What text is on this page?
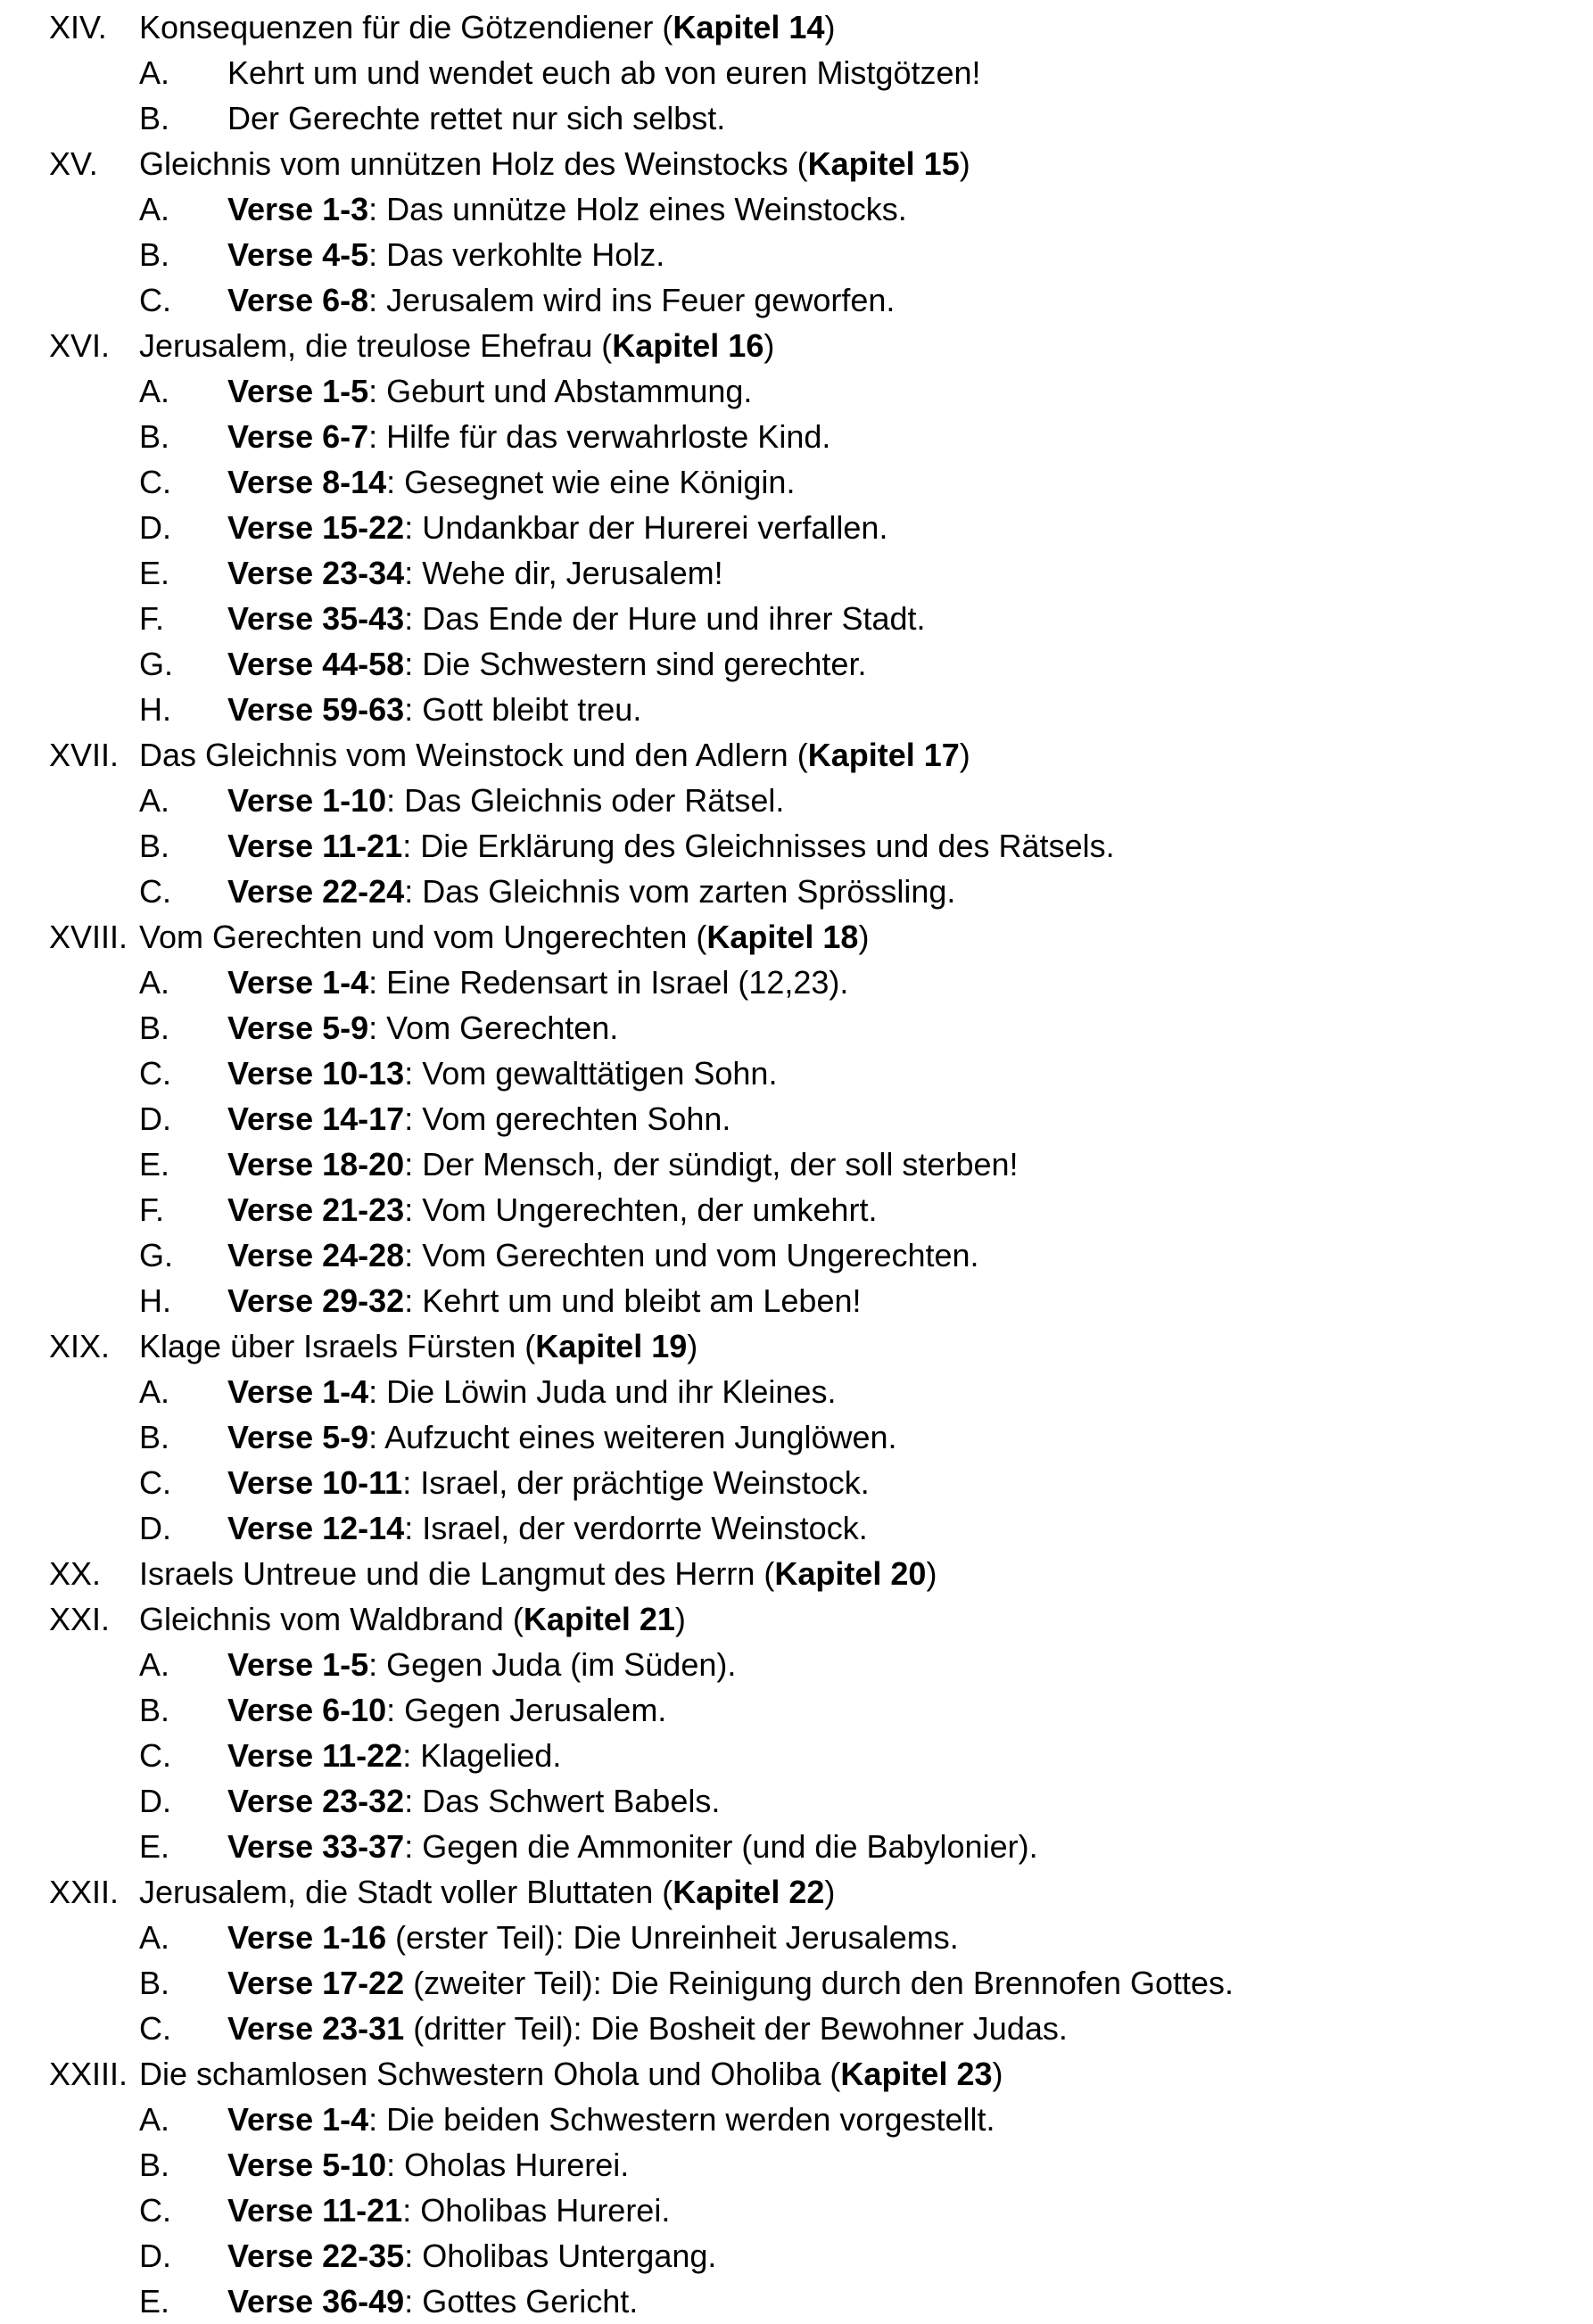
XIV. Konsequenzen für die Götzendiener (Kapitel 14)
A. Kehrt um und wendet euch ab von euren Mistgötzen!
B. Der Gerechte rettet nur sich selbst.
XV. Gleichnis vom unnützen Holz des Weinstocks (Kapitel 15)
A. Verse 1-3: Das unnütze Holz eines Weinstocks.
B. Verse 4-5: Das verkohlte Holz.
C. Verse 6-8: Jerusalem wird ins Feuer geworfen.
XVI. Jerusalem, die treulose Ehefrau (Kapitel 16)
A. Verse 1-5: Geburt und Abstammung.
B. Verse 6-7: Hilfe für das verwahrloste Kind.
C. Verse 8-14: Gesegnet wie eine Königin.
D. Verse 15-22: Undankbar der Hurerei verfallen.
E. Verse 23-34: Wehe dir, Jerusalem!
F. Verse 35-43: Das Ende der Hure und ihrer Stadt.
G. Verse 44-58: Die Schwestern sind gerechter.
H. Verse 59-63: Gott bleibt treu.
XVII. Das Gleichnis vom Weinstock und den Adlern (Kapitel 17)
A. Verse 1-10: Das Gleichnis oder Rätsel.
B. Verse 11-21: Die Erklärung des Gleichnisses und des Rätsels.
C. Verse 22-24: Das Gleichnis vom zarten Sprössling.
XVIII. Vom Gerechten und vom Ungerechten (Kapitel 18)
A. Verse 1-4: Eine Redensart in Israel (12,23).
B. Verse 5-9: Vom Gerechten.
C. Verse 10-13: Vom gewalttätigen Sohn.
D. Verse 14-17: Vom gerechten Sohn.
E. Verse 18-20: Der Mensch, der sündigt, der soll sterben!
F. Verse 21-23: Vom Ungerechten, der umkehrt.
G. Verse 24-28: Vom Gerechten und vom Ungerechten.
H. Verse 29-32: Kehrt um und bleibt am Leben!
XIX. Klage über Israels Fürsten (Kapitel 19)
A. Verse 1-4: Die Löwin Juda und ihr Kleines.
B. Verse 5-9: Aufzucht eines weiteren Junglöwen.
C. Verse 10-11: Israel, der prächtige Weinstock.
D. Verse 12-14: Israel, der verdorrte Weinstock.
XX. Israels Untreue und die Langmut des Herrn (Kapitel 20)
XXI. Gleichnis vom Waldbrand (Kapitel 21)
A. Verse 1-5: Gegen Juda (im Süden).
B. Verse 6-10: Gegen Jerusalem.
C. Verse 11-22: Klagelied.
D. Verse 23-32: Das Schwert Babels.
E. Verse 33-37: Gegen die Ammoniter (und die Babylonier).
XXII. Jerusalem, die Stadt voller Bluttaten (Kapitel 22)
A. Verse 1-16 (erster Teil): Die Unreinheit Jerusalems.
B. Verse 17-22 (zweiter Teil): Die Reinigung durch den Brennofen Gottes.
C. Verse 23-31 (dritter Teil): Die Bosheit der Bewohner Judas.
XXIII. Die schamlosen Schwestern Ohola und Oholiba (Kapitel 23)
A. Verse 1-4: Die beiden Schwestern werden vorgestellt.
B. Verse 5-10: Oholas Hurerei.
C. Verse 11-21: Oholibas Hurerei.
D. Verse 22-35: Oholibas Untergang.
E. Verse 36-49: Gottes Gericht.
